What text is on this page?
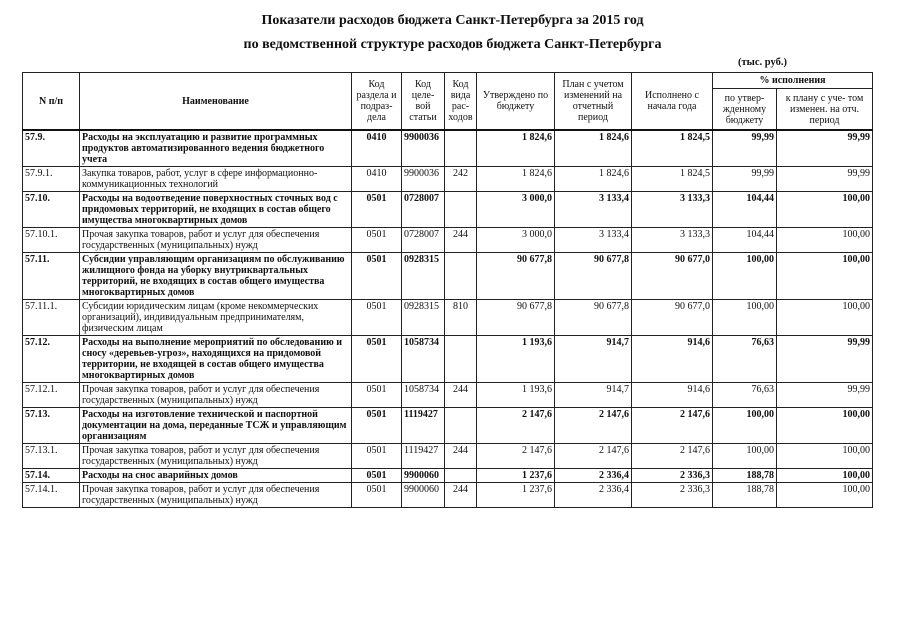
Показатели расходов бюджета Санкт-Петербурга за 2015 год
по ведомственной структуре расходов бюджета Санкт-Петербурга
(тыс. руб.)
N п/п	Наименование	Код раздела и подраз- дела	Код целе- вой статьи	Код вида рас- ходов	Утверждено по бюджету	План с учетом изменений на отчетный период	Исполнено с начала года	% исполнения	
								по утвер- жденному бюджету	к плану с уче- том изменен. на отч. период
57.9.	Расходы на эксплуатацию и развитие программных продуктов автоматизированного ведения бюджетного учета	0410	9900036		1 824,6	1 824,6	1 824,5	99,99	99,99
57.9.1.	Закупка товаров, работ, услуг в сфере информационно-коммуникационных технологий	0410	9900036	242	1 824,6	1 824,6	1 824,5	99,99	99,99
57.10.	Расходы на водоотведение поверхностных сточных вод с придомовых территорий, не входящих в состав общего имущества многоквартирных домов	0501	0728007		3 000,0	3 133,4	3 133,3	104,44	100,00
57.10.1.	Прочая закупка товаров, работ и услуг для обеспечения государственных (муниципальных) нужд	0501	0728007	244	3 000,0	3 133,4	3 133,3	104,44	100,00
57.11.	Субсидии управляющим организациям по обслуживанию жилищного фонда на уборку внутриквартальных территорий, не входящих в состав общего имущества многоквартирных домов	0501	0928315		90 677,8	90 677,8	90 677,0	100,00	100,00
57.11.1.	Субсидии юридическим лицам (кроме некоммерческих организаций), индивидуальным предпринимателям, физическим лицам	0501	0928315	810	90 677,8	90 677,8	90 677,0	100,00	100,00
57.12.	Расходы на выполнение мероприятий по обследованию и сносу «деревьев-угроз», находящихся на придомовой территории, не входящей в состав общего имущества многоквартирных домов	0501	1058734		1 193,6	914,7	914,6	76,63	99,99
57.12.1.	Прочая закупка товаров, работ и услуг для обеспечения государственных (муниципальных) нужд	0501	1058734	244	1 193,6	914,7	914,6	76,63	99,99
57.13.	Расходы на изготовление технической и паспортной документации на дома, переданные ТСЖ и управляющим организациям	0501	1119427		2 147,6	2 147,6	2 147,6	100,00	100,00
57.13.1.	Прочая закупка товаров, работ и услуг для обеспечения государственных (муниципальных) нужд	0501	1119427	244	2 147,6	2 147,6	2 147,6	100,00	100,00
57.14.	Расходы на снос аварийных домов	0501	9900060		1 237,6	2 336,4	2 336,3	188,78	100,00
57.14.1.	Прочая закупка товаров, работ и услуг для обеспечения государственных (муниципальных) нужд	0501	9900060	244	1 237,6	2 336,4	2 336,3	188,78	100,00
